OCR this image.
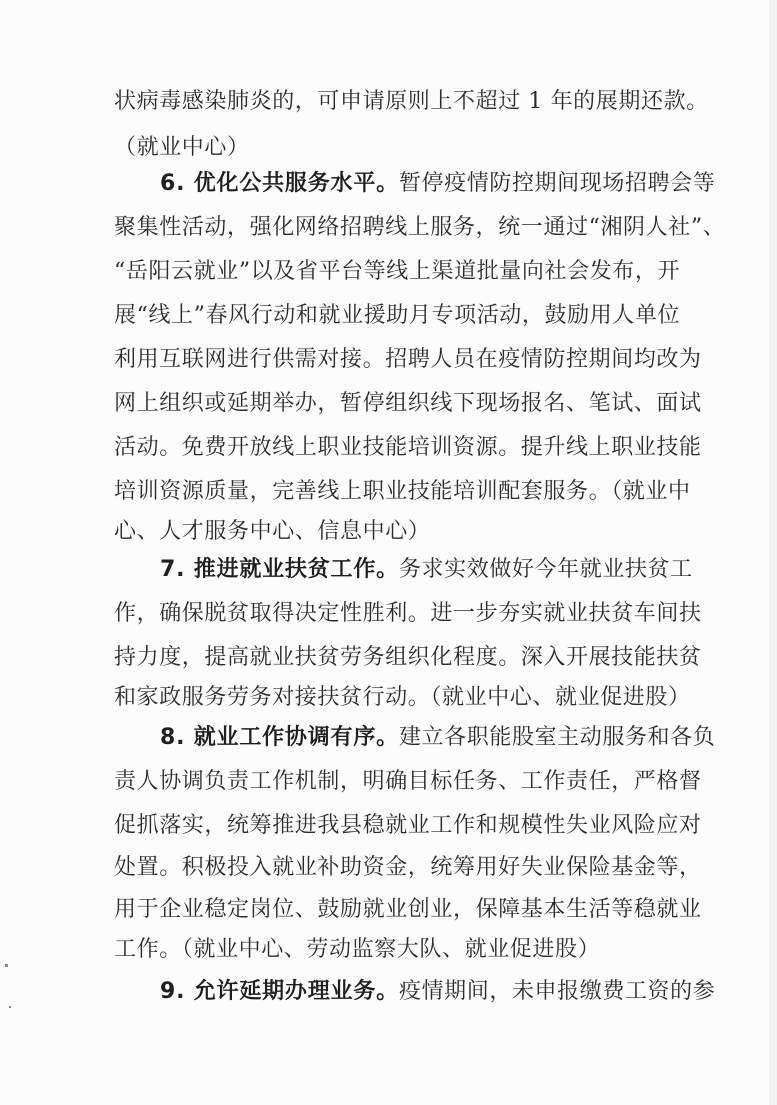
状病毒感染肺炎的，可申请原则上不超过 1 年的展期还款。
（就业中心）
6. 优化公共服务水平。暂停疫情防控期间现场招聘会等
聚集性活动，强化网络招聘线上服务，统一通过“湘阴人社”、
“岳阳云就业”以及省平台等线上渠道批量向社会发布，开
展“线上”春风行动和就业援助月专项活动，鼓励用人单位
利用互联网进行供需对接。招聘人员在疫情防控期间均改为
网上组织或延期举办，暂停组织线下现场报名、笔试、面试
活动。免费开放线上职业技能培训资源。提升线上职业技能
培训资源质量，完善线上职业技能培训配套服务。（就业中
心、人才服务中心、信息中心）
7. 推进就业扶贫工作。务求实效做好今年就业扶贫工
作，确保脱贫取得决定性胜利。进一步夯实就业扶贫车间扶
持力度，提高就业扶贫劳务组织化程度。深入开展技能扶贫
和家政服务劳务对接扶贫行动。（就业中心、就业促进股）
8. 就业工作协调有序。建立各职能股室主动服务和各负
责人协调负责工作机制，明确目标任务、工作责任，严格督
促抓落实，统筹推进我县稳就业工作和规模性失业风险应对
处置。积极投入就业补助资金，统筹用好失业保险基金等，
用于企业稳定岗位、鼓励就业创业，保障基本生活等稳就业
工作。（就业中心、劳动监察大队、就业促进股）
9. 允许延期办理业务。疫情期间，未申报缴费工资的参
